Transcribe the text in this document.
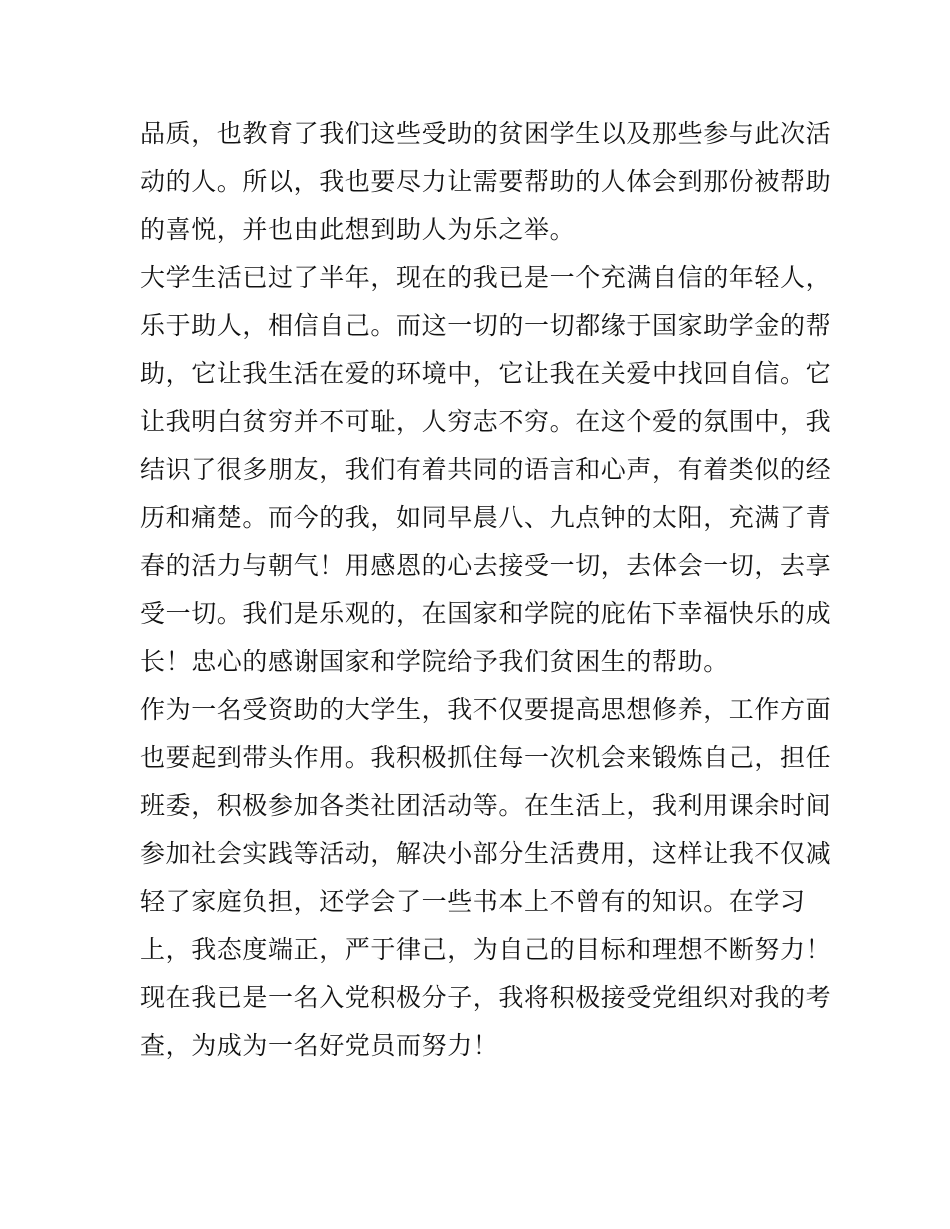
品质，也教育了我们这些受助的贫困学生以及那些参与此次活
动的人。所以，我也要尽力让需要帮助的人体会到那份被帮助
的喜悦，并也由此想到助人为乐之举。
大学生活已过了半年，现在的我已是一个充满自信的年轻人，
乐于助人，相信自己。而这一切的一切都缘于国家助学金的帮
助，它让我生活在爱的环境中，它让我在关爱中找回自信。它
让我明白贫穷并不可耻，人穷志不穷。在这个爱的氛围中，我
结识了很多朋友，我们有着共同的语言和心声，有着类似的经
历和痛楚。而今的我，如同早晨八、九点钟的太阳，充满了青
春的活力与朝气！用感恩的心去接受一切，去体会一切，去享
受一切。我们是乐观的，在国家和学院的庇佑下幸福快乐的成
长！忠心的感谢国家和学院给予我们贫困生的帮助。
作为一名受资助的大学生，我不仅要提高思想修养，工作方面
也要起到带头作用。我积极抓住每一次机会来锻炼自己，担任
班委，积极参加各类社团活动等。在生活上，我利用课余时间
参加社会实践等活动，解决小部分生活费用，这样让我不仅减
轻了家庭负担，还学会了一些书本上不曾有的知识。在学习
上，我态度端正，严于律己，为自己的目标和理想不断努力！
现在我已是一名入党积极分子，我将积极接受党组织对我的考
查，为成为一名好党员而努力！
